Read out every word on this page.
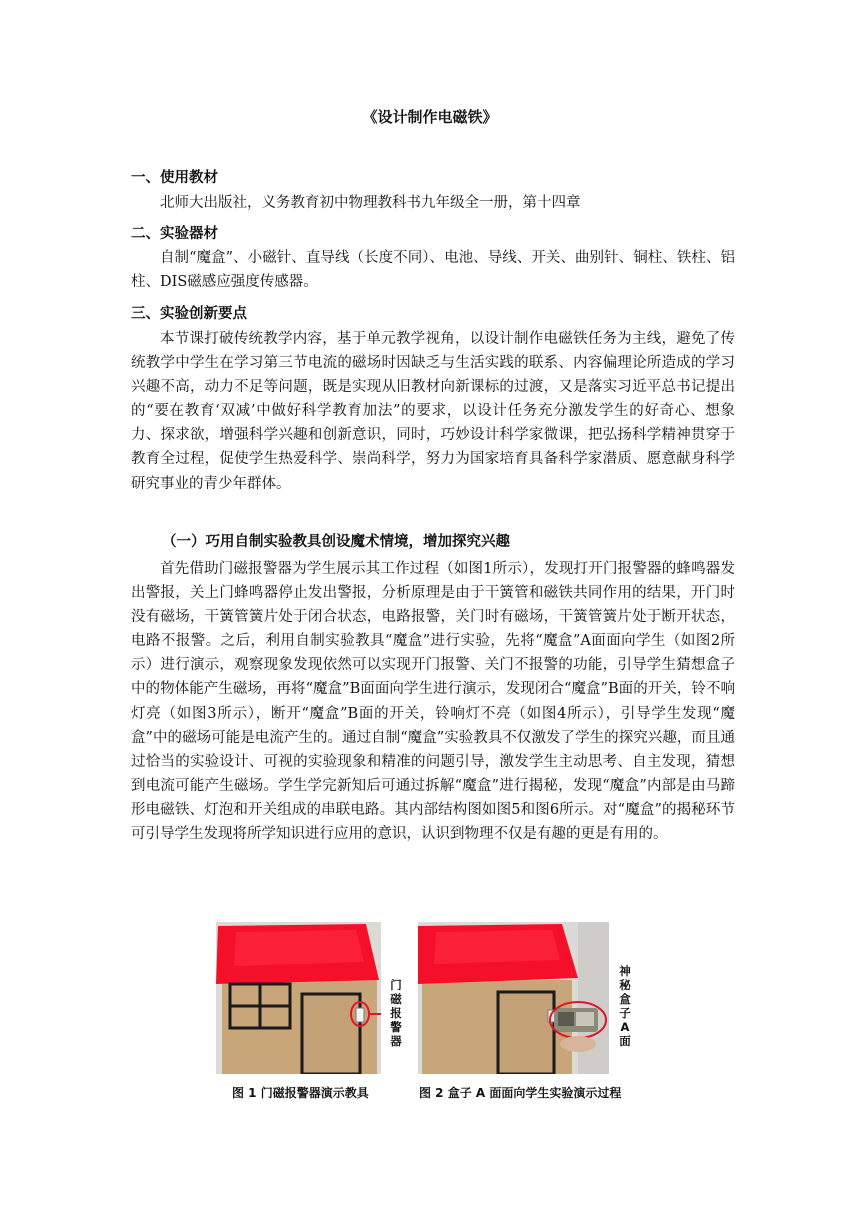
《设计制作电磁铁》
一、使用教材
北师大出版社，义务教育初中物理教科书九年级全一册，第十四章
二、实验器材
自制“魔盒”、小磁针、直导线（长度不同）、电池、导线、开关、曲别针、铜柱、铁柱、铝柱、DIS磁感应强度传感器。
三、实验创新要点
本节课打破传统教学内容，基于单元教学视角，以设计制作电磁铁任务为主线，避免了传统教学中学生在学习第三节电流的磁场时因缺乏与生活实践的联系、内容偏理论所造成的学习兴趣不高，动力不足等问题，既是实现从旧教材向新课标的过渡，又是落实习近平总书记提出的“要在教育‘双减’中做好科学教育加法”的要求，以设计任务充分激发学生的好奇心、想象力、探求欲，增强科学兴趣和创新意识，同时，巧妙设计科学家微课，把弘扬科学精神贯穿于教育全过程，促使学生热爱科学、崇尚科学，努力为国家培育具备科学家潜质、愿意献身科学研究事业的青少年群体。
（一）巧用自制实验教具创设魔术情境，增加探究兴趣
首先借助门磁报警器为学生展示其工作过程（如图1所示），发现打开门报警器的蜂鸣器发出警报，关上门蜂鸣器停止发出警报，分析原理是由于干簧管和磁铁共同作用的结果，开门时没有磁场，干簧管簧片处于闭合状态，电路报警，关门时有磁场，干簧管簧片处于断开状态，电路不报警。之后，利用自制实验教具“魔盒”进行实验，先将“魔盒”A面面向学生（如图2所示）进行演示，观察现象发现依然可以实现开门报警、关门不报警的功能，引导学生猜想盒子中的物体能产生磁场，再将“魔盒”B面面向学生进行演示，发现闭合“魔盒”B面的开关，铃不响灯亮（如图3所示），断开“魔盒”B面的开关，铃响灯不亮（如图4所示），引导学生发现“魔盒”中的磁场可能是电流产生的。通过自制“魔盒”实验教具不仅激发了学生的探究兴趣，而且通过恰当的实验设计、可视的实验现象和精准的问题引导，激发学生主动思考、自主发现，猜想到电流可能产生磁场。学生学完新知后可通过拆解“魔盒”进行揭秘，发现“魔盒”内部是由马蹄形电磁铁、灯泡和开关组成的串联电路。其内部结构图如图5和图6所示。对“魔盒”的揭秘环节可引导学生发现将所学知识进行应用的意识，认识到物理不仅是有趣的更是有用的。
门磁报警器
图 1 门磁报警器演示教具
神秘盒子A面
图 2 盒子 A 面面向学生实验演示过程
